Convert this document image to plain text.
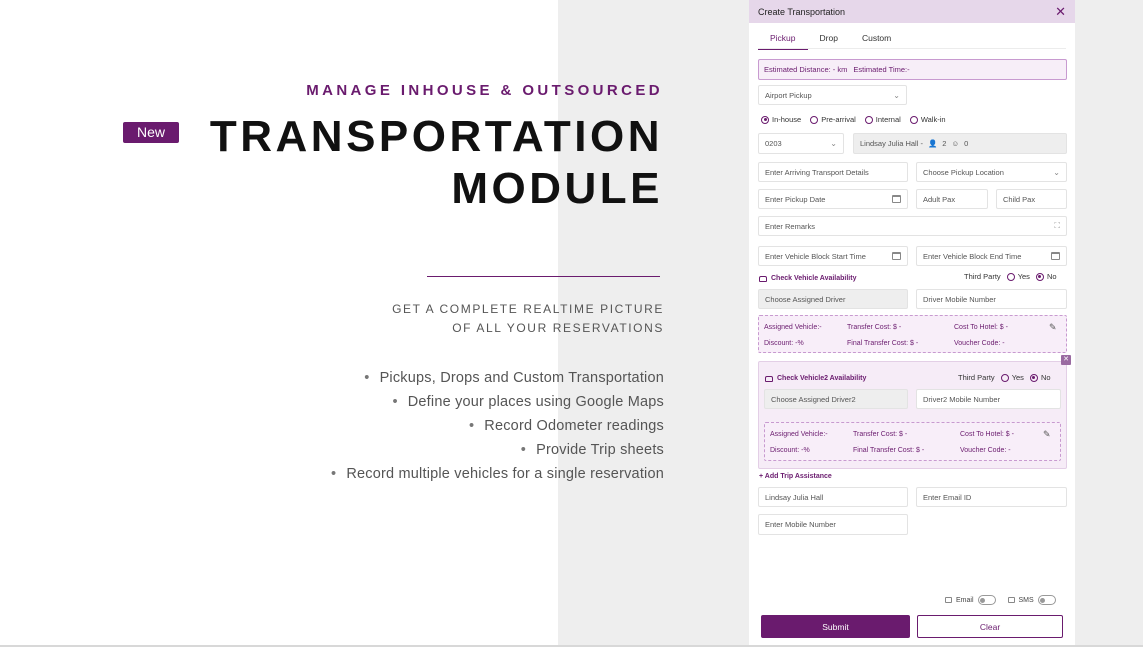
MANAGE INHOUSE & OUTSOURCED
New	TRANSPORTATION
MODULE
GET A COMPLETE REALTIME PICTURE
OF ALL YOUR RESERVATIONS
• Pickups, Drops and Custom Transportation
• Define your places using Google Maps
• Record Odometer readings
• Provide Trip sheets
• Record multiple vehicles for a single reservation
Create Transportation	✕
Pickup	Drop	Custom
Estimated Distance: - km Estimated Time:-
Airport Pickup	⌄
In-house	Pre-arrival	Internal	Walk-in
0203	⌄	Lindsay Julia Hall - 👤 2 ☺ 0
Enter Arriving Transport Details	Choose Pickup Location	⌄
Enter Pickup Date	Adult Pax	Child Pax
Enter Remarks	⛶
Enter Vehicle Block Start Time	Enter Vehicle Block End Time
Check Vehicle Availability	Third Party Yes No
Choose Assigned Driver	Driver Mobile Number
Assigned Vehicle:-	Transfer Cost: $ -	Cost To Hotel: $ -	✎
Discount: -%	Final Transfer Cost: $ -	Voucher Code: -
✕
Check Vehicle2 Availability	Third Party Yes No
Choose Assigned Driver2	Driver2 Mobile Number
Assigned Vehicle:-	Transfer Cost: $ -	Cost To Hotel: $ -	✎
Discount: -%	Final Transfer Cost: $ -	Voucher Code: -
+ Add Trip Assistance
Lindsay Julia Hall	Enter Email ID
Enter Mobile Number
Email	SMS
Submit	Clear
